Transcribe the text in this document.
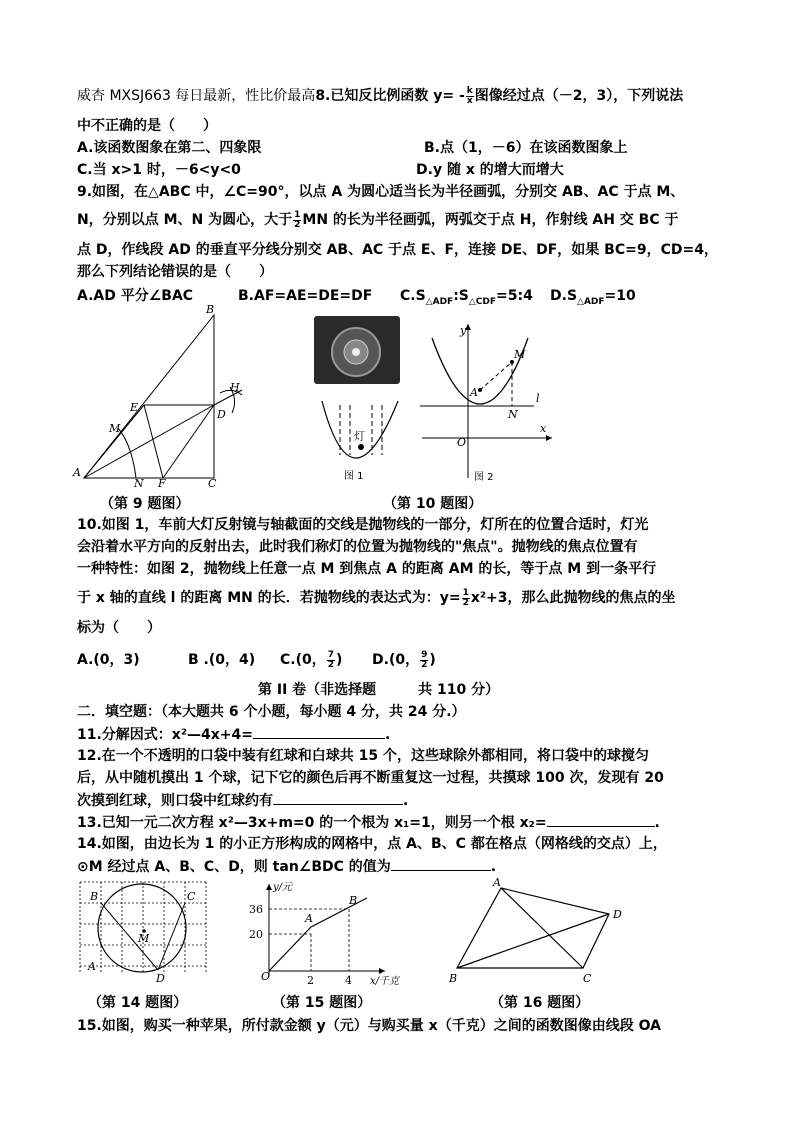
威杏 MXSJ663 每日最新，性比价最高8.已知反比例函数 $y= - \frac{k}{x}$ 图像经过点（－2，3），下列说法
中不正确的是（　　）
A.该函数图象在第二、四象限	B.点（1，－6）在该函数图象上
C.当 x>1 时，－6<y<0	D.y 随 x 的增大而增大
9.如图，在△ABC 中，∠C=90°，以点 A 为圆心适当长为半径画弧，分别交 AB、AC 于点 M、
N，分别以点 M、N 为圆心，大于 $\frac{1}{2}$ MN 的长为半径画弧，两弧交于点 H，作射线 AH 交 BC 于
点 D，作线段 AD 的垂直平分线分别交 AB、AC 于点 E、F，连接 DE、DF，如果 BC=9，CD=4，
那么下列结论错误的是（　　）
A.AD 平分∠BAC	B.AF=AE=DE=DF $C.S_{\triangle ADF}:S_{\triangle CDF}=5:4$ $D.S_{\triangle ADF}=10$
B
E
D
H
M
A
N F	C
（第 9 题图）
灯
图 1
y
M
A
N
l
O
x
图 2
（第 10 题图）
10.如图 1，车前大灯反射镜与轴截面的交线是抛物线的一部分，灯所在的位置合适时，灯光
会沿着水平方向的反射出去，此时我们称灯的位置为抛物线的"焦点"。抛物线的焦点位置有
一种特性：如图 2，抛物线上任意一点 M 到焦点 A 的距离 AM 的长，等于点 M 到一条平行
于 x 轴的直线 l 的距离 MN 的长．若抛物线的表达式为：$y= \frac{1}{2} x^2+3$，那么此抛物线的焦点的坐
标为（　　）
A.(0，3)	B .(0，4) C.(0， $\frac{7}{2}$ ) D.(0， $\frac{9}{2}$ )
第 II 卷（非选择题　　　共 110 分）
二．填空题：（本大题共 6 个小题，每小题 4 分，共 24 分.）
11.分解因式：x²—4x+4=	.
12.在一个不透明的口袋中装有红球和白球共 15 个，这些球除外都相同，将口袋中的球搅匀
后，从中随机摸出 1 个球，记下它的颜色后再不断重复这一过程，共摸球 100 次，发现有 20
次摸到红球，则口袋中红球约有	.
13.已知一元二次方程 x²—3x+m=0 的一个根为 x₁=1，则另一个根 x₂=	.
14.如图，由边长为 1 的小正方形构成的网格中，点 A、B、C 都在格点（网格线的交点）上，
⊙M 经过点 A、B、C、D，则 tan∠BDC 的值为	.
B	C
M
A
D
（第 14 题图）
y/元
36
20
2	4
O	x/千克
A
B
（第 15 题图）
A
D
C
B
（第 16 题图）
15.如图，购买一种苹果，所付款金额 y（元）与购买量 x（千克）之间的函数图像由线段 OA
